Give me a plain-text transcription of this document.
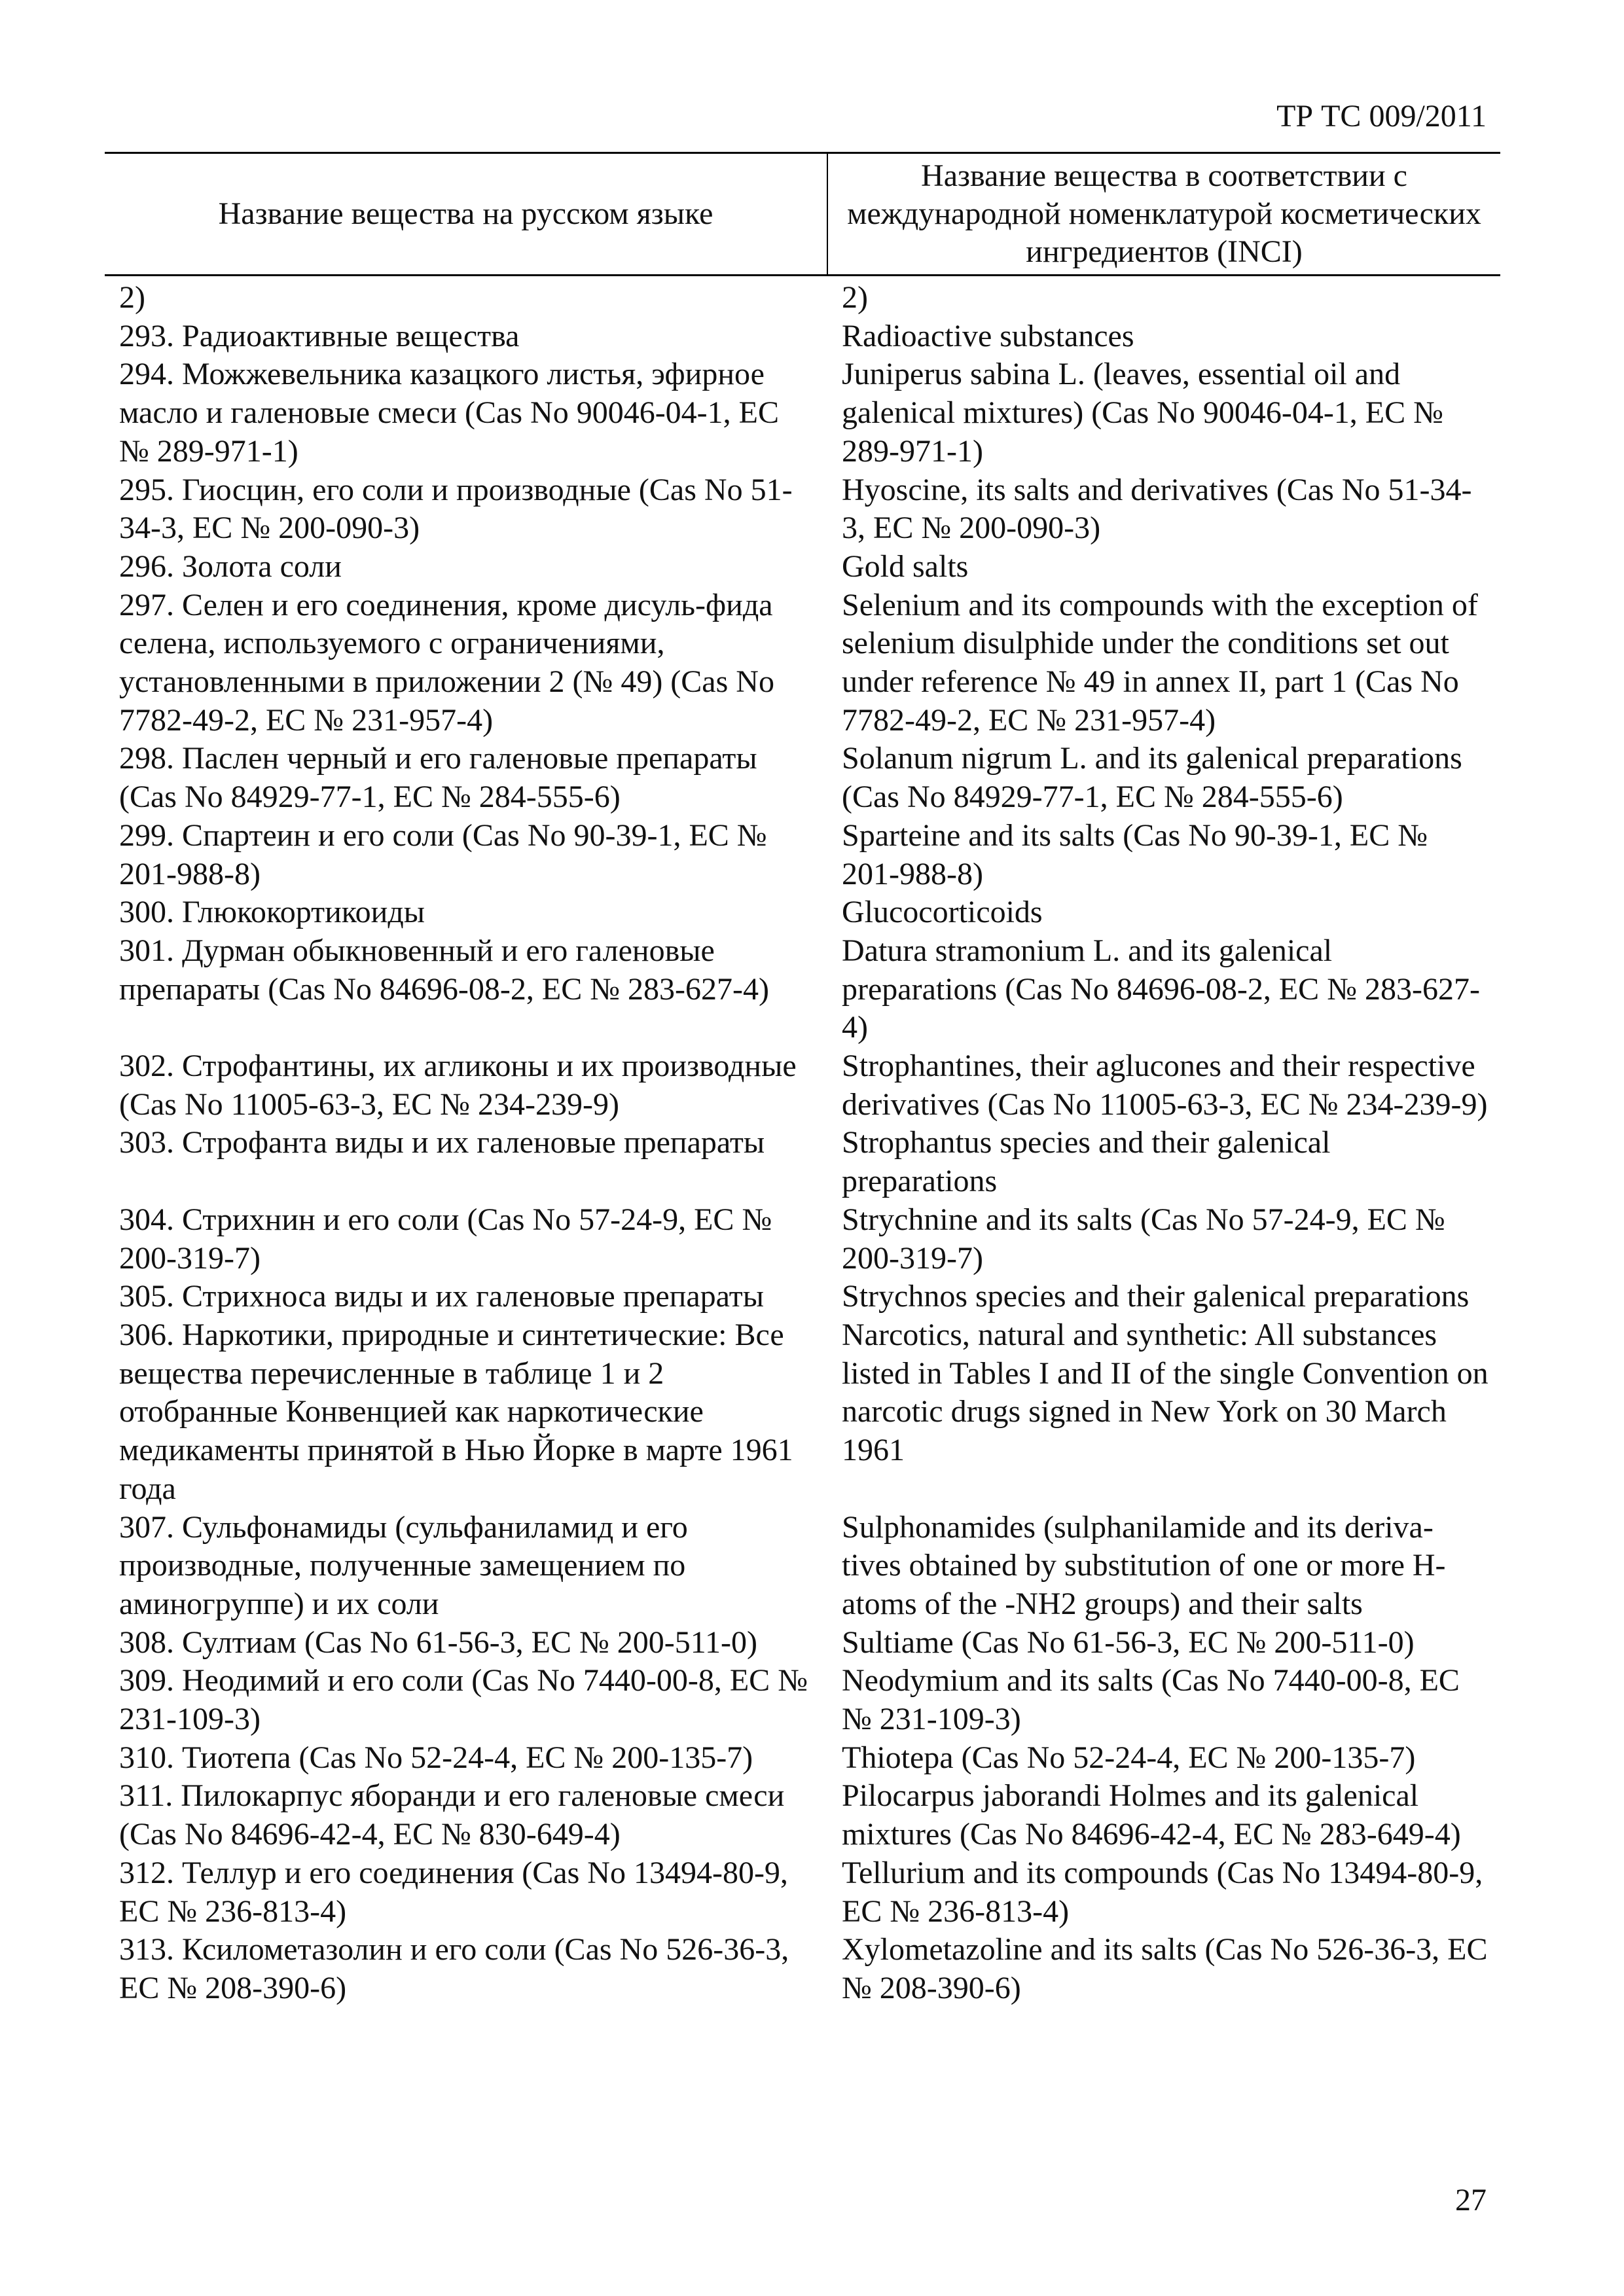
ТР ТС 009/2011
Название вещества на русском языке	Название вещества в соответствии с международной номенклатурой косметических ингредиентов (INCI)
2)	2)
293. Радиоактивные вещества	Radioactive substances
294. Можжевельника казацкого листья, эфирное масло и галеновые смеси (Cas No 90046-04-1, ЕС № 289-971-1)	Juniperus sabina L. (leaves, essential oil and galenical mixtures) (Cas No 90046-04-1, ЕС № 289-971-1)
295. Гиосцин, его соли и производные (Cas No 51-34-3, ЕС № 200-090-3)	Hyoscine, its salts and derivatives (Cas No 51-34-3, ЕС № 200-090-3)
296. Золота соли	Gold salts
297. Селен и его соединения, кроме дисуль-фида селена, используемого с ограничениями, установленными в приложении 2 (№ 49) (Cas No 7782-49-2, ЕС № 231-957-4)	Selenium and its compounds with the exception of selenium disulphide under the conditions set out under reference № 49 in annex II, part 1 (Cas No 7782-49-2, ЕС № 231-957-4)
298. Паслен черный и его галеновые препараты (Cas No 84929-77-1, ЕС № 284-555-6)	Solanum nigrum L. and its galenical preparations (Cas No 84929-77-1, ЕС № 284-555-6)
299. Спартеин и его соли (Cas No 90-39-1, ЕС № 201-988-8)	Sparteine and its salts (Cas No 90-39-1, ЕС № 201-988-8)
300. Глюкокортикоиды	Glucocorticoids
301. Дурман обыкновенный и его галеновые препараты (Cas No 84696-08-2, ЕС № 283-627-4)	Datura stramonium L. and its galenical preparations (Cas No 84696-08-2, ЕС № 283-627-4)
302. Строфантины, их агликоны и их производные (Cas No 11005-63-3, ЕС № 234-239-9)	Strophantines, their aglucones and their respective derivatives (Cas No 11005-63-3, ЕС № 234-239-9)
303. Строфанта виды и их галеновые препараты	Strophantus species and their galenical preparations
304. Стрихнин и его соли (Cas No 57-24-9, ЕС № 200-319-7)	Strychnine and its salts (Cas No 57-24-9, ЕС № 200-319-7)
305. Стрихноса виды и их галеновые препараты	Strychnos species and their galenical preparations
306. Наркотики, природные и синтетические: Все вещества перечисленные в таблице 1 и 2 отобранные Конвенцией как наркотические медикаменты принятой в Нью Йорке в марте 1961 года	Narcotics, natural and synthetic: All substances listed in Tables I and II of the single Convention on narcotic drugs signed in New York on 30 March 1961
307. Сульфонамиды (сульфаниламид и его производные, полученные замещением по аминогруппе) и их соли	Sulphonamides (sulphanilamide and its deriva-tives obtained by substitution of one or more H-atoms of the -NH2 groups) and their salts
308. Султиам (Cas No 61-56-3, ЕС № 200-511-0)	Sultiame (Cas No 61-56-3, ЕС № 200-511-0)
309. Неодимий и его соли (Cas No 7440-00-8, ЕС № 231-109-3)	Neodymium and its salts (Cas No 7440-00-8, ЕС № 231-109-3)
310. Тиотепа (Cas No 52-24-4, ЕС № 200-135-7)	Thiotepa (Cas No 52-24-4, ЕС № 200-135-7)
311. Пилокарпус яборанди и его галеновые смеси (Cas No 84696-42-4, ЕС № 830-649-4)	Pilocarpus jaborandi Holmes and its galenical mixtures (Cas No 84696-42-4, ЕС № 283-649-4)
312. Теллур и его соединения (Cas No 13494-80-9, ЕС № 236-813-4)	Tellurium and its compounds (Cas No 13494-80-9, ЕС № 236-813-4)
313. Ксилометазолин и его соли (Cas No 526-36-3, ЕС № 208-390-6)	Xylometazoline and its salts (Cas No 526-36-3, ЕС № 208-390-6)
27
